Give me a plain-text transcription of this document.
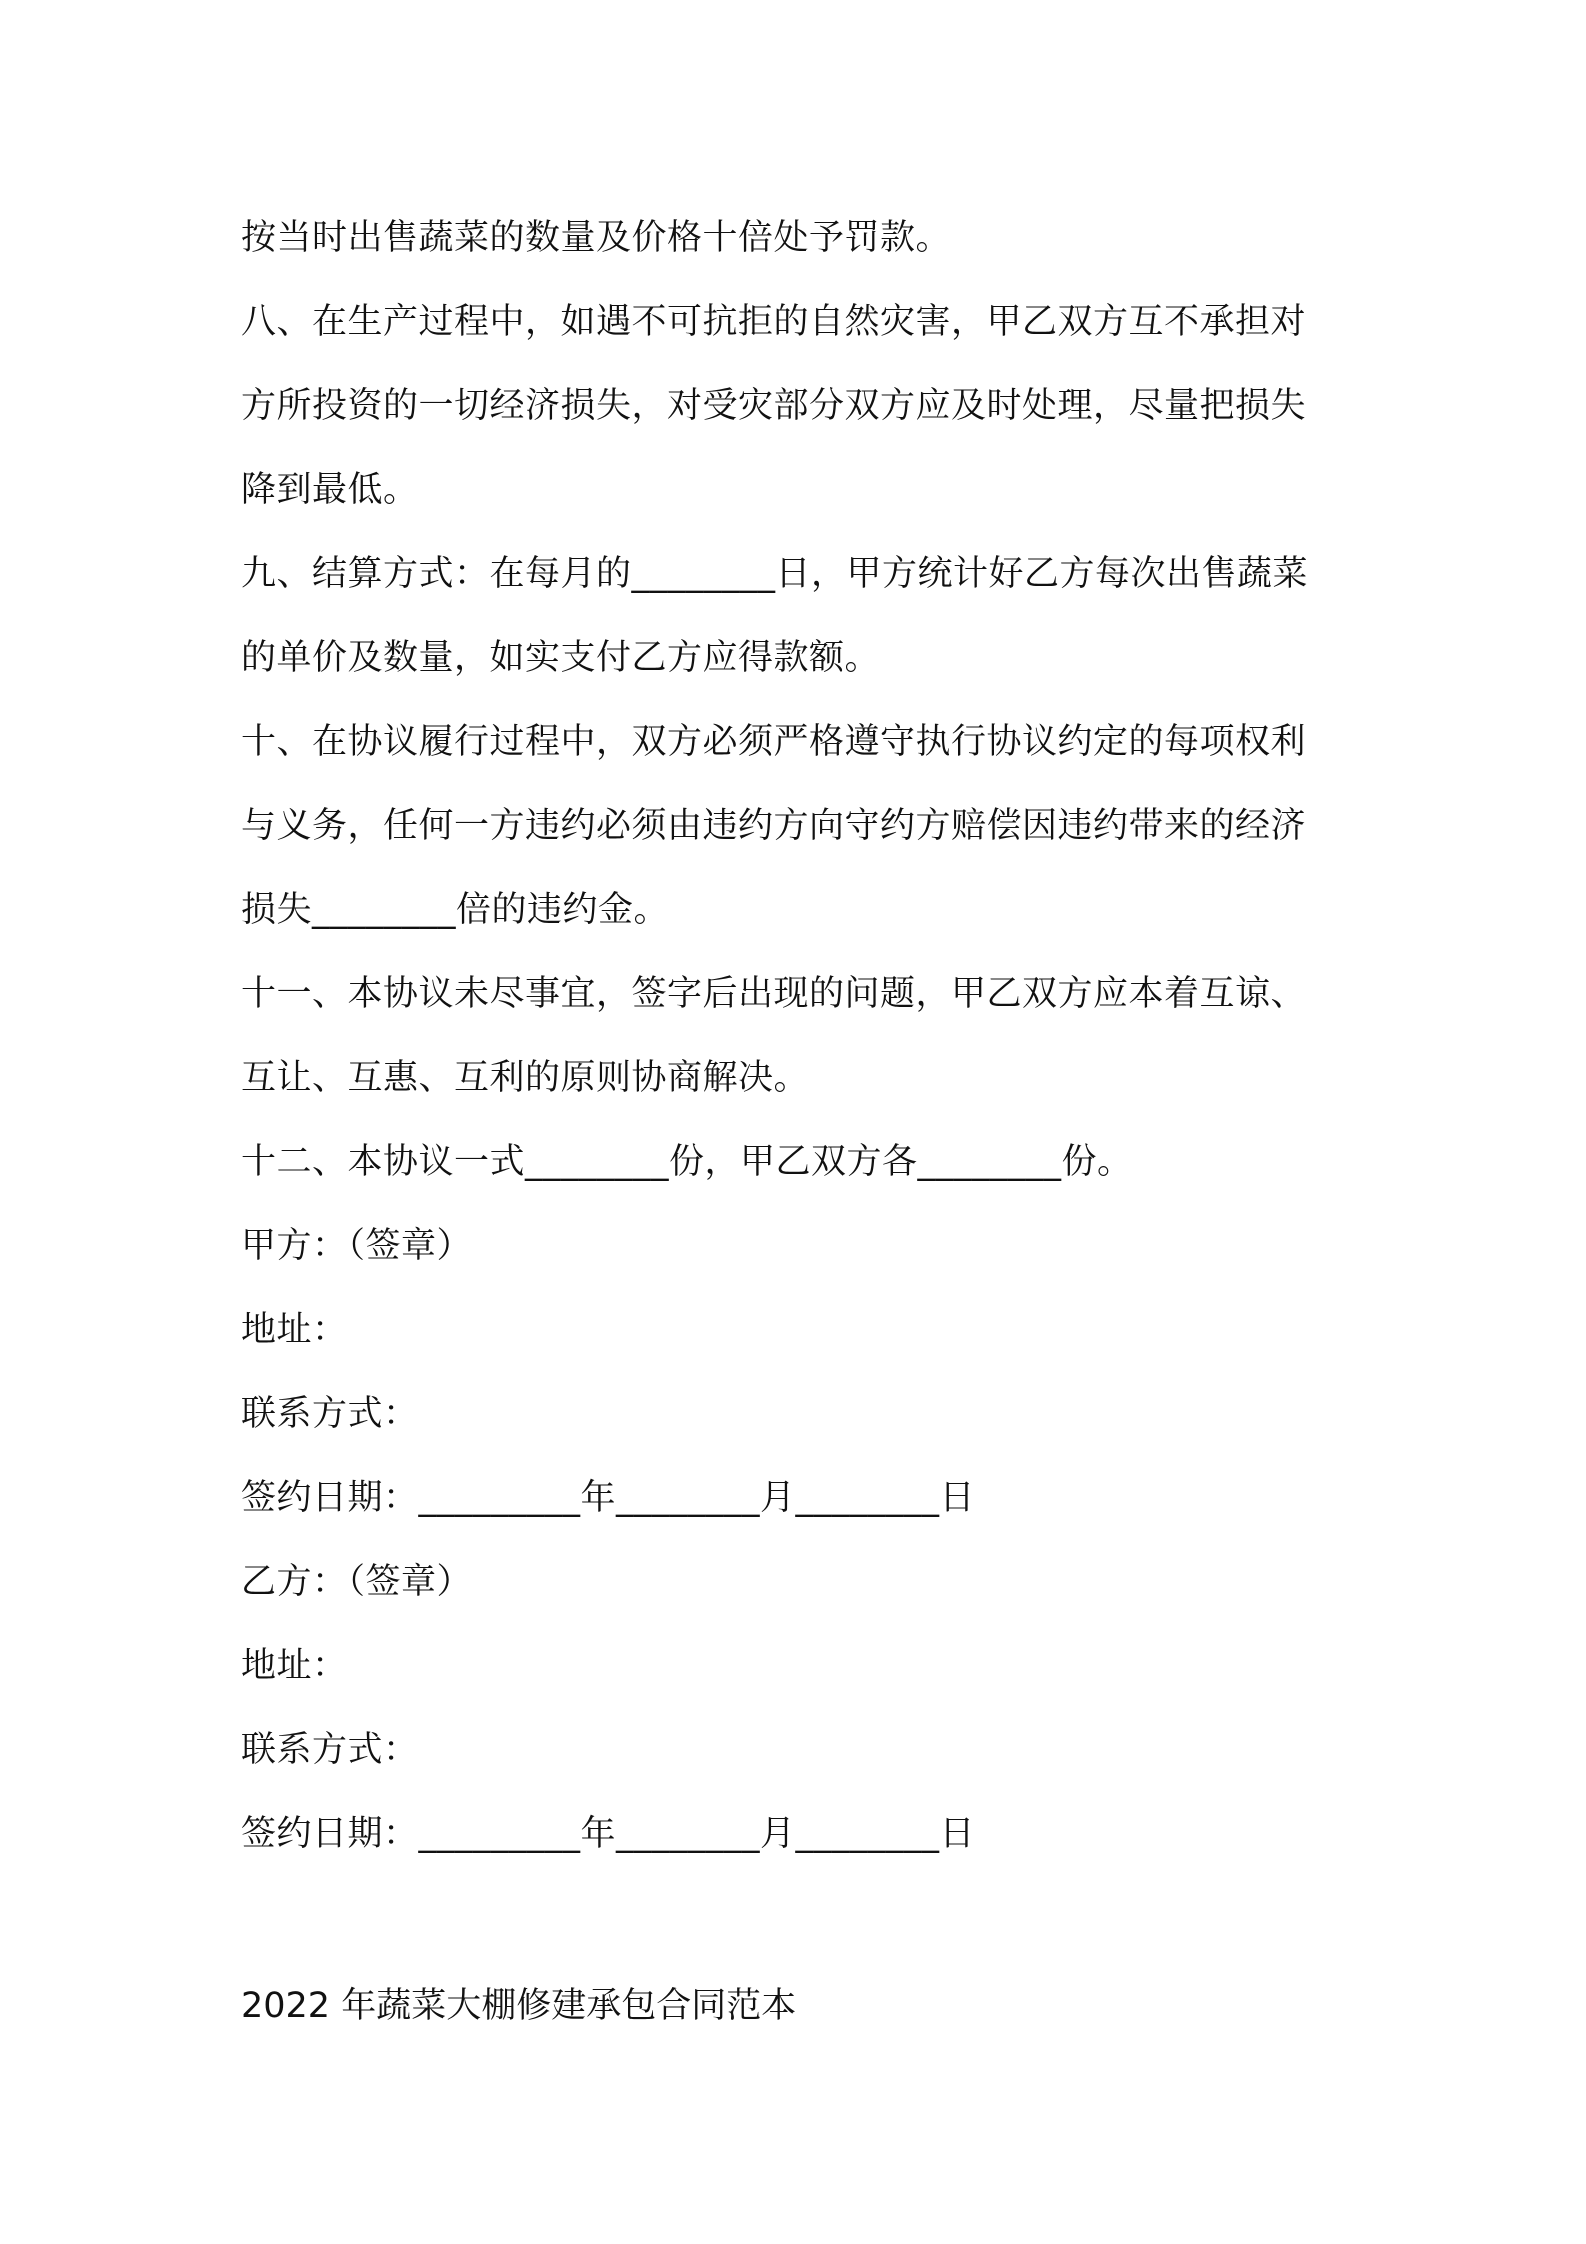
按当时出售蔬菜的数量及价格十倍处予罚款。
八、在生产过程中，如遇不可抗拒的自然灾害，甲乙双方互不承担对
方所投资的一切经济损失，对受灾部分双方应及时处理，尽量把损失
降到最低。
九、结算方式：在每月的________日，甲方统计好乙方每次出售蔬菜
的单价及数量，如实支付乙方应得款额。
十、在协议履行过程中，双方必须严格遵守执行协议约定的每项权利
与义务，任何一方违约必须由违约方向守约方赔偿因违约带来的经济
损失________倍的违约金。
十一、本协议未尽事宜，签字后出现的问题，甲乙双方应本着互谅、
互让、互惠、互利的原则协商解决。
十二、本协议一式________份，甲乙双方各________份。
甲方：（签章）
地址：
联系方式：
签约日期：_________年________月________日
乙方：（签章）
地址：
联系方式：
签约日期：_________年________月________日
2022 年蔬菜大棚修建承包合同范本
